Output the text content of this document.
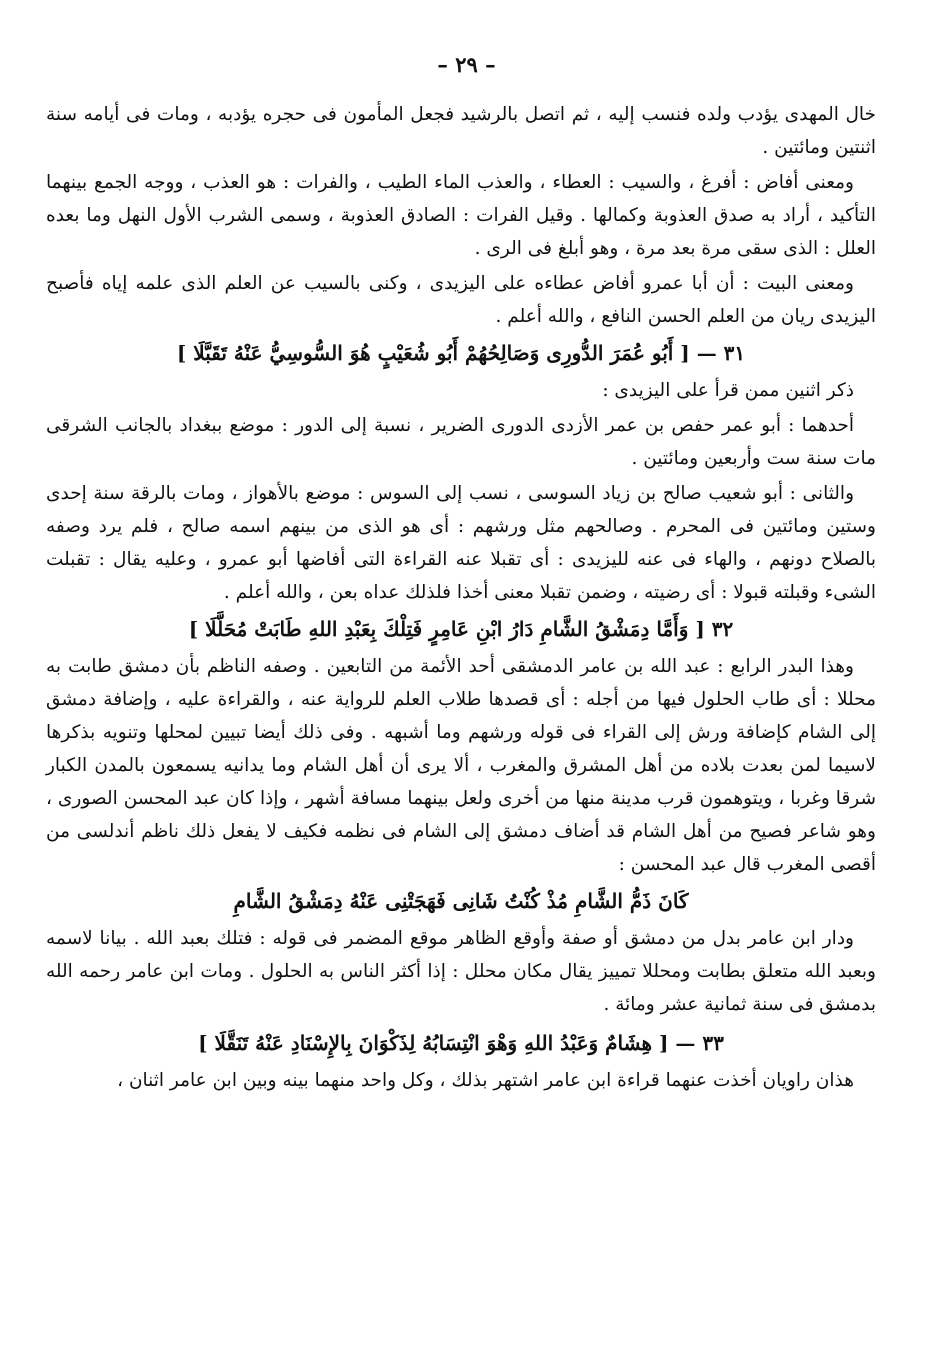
– ٢٩ –

خال المهدى يؤدب ولده فنسب إليه ، ثم اتصل بالرشيد فجعل المأمون فى حجره يؤدبه ، ومات فى أيامه سنة اثنتين ومائتين .

ومعنى أفاض : أفرغ ، والسيب : العطاء ، والعذب الماء الطيب ، والفرات : هو العذب ، ووجه الجمع بينهما التأكيد ، أراد به صدق العذوبة وكمالها . وقيل الفرات : الصادق العذوبة ، وسمى الشرب الأول النهل وما بعده العلل : الذى سقى مرة بعد مرة ، وهو أبلغ فى الرى .

ومعنى البيت : أن أبا عمرو أفاض عطاءه على اليزيدى ، وكنى بالسيب عن العلم الذى علمه إياه فأصبح اليزيدى ريان من العلم الحسن النافع ، والله أعلم .

٣١ — [ أَبُو عُمَرَ الدُّورِى وَصَالِحُهُمْ أَبُو شُعَيْبٍ هُوَ السُّوسِيُّ عَنْهُ تَقَبَّلَا ]

ذكر اثنين ممن قرأ على اليزيدى :

أحدهما : أبو عمر حفص بن عمر الأزدى الدورى الضرير ، نسبة إلى الدور : موضع ببغداد بالجانب الشرقى مات سنة ست وأربعين ومائتين .

والثانى : أبو شعيب صالح بن زياد السوسى ، نسب إلى السوس : موضع بالأهواز ، ومات بالرقة سنة إحدى وستين ومائتين فى المحرم . وصالحهم مثل ورشهم : أى هو الذى من بينهم اسمه صالح ، فلم يرد وصفه بالصلاح دونهم ، والهاء فى عنه لليزيدى : أى تقبلا عنه القراءة التى أفاضها أبو عمرو ، وعليه يقال : تقبلت الشىء وقبلته قبولا : أى رضيته ، وضمن تقبلا معنى أخذا فلذلك عداه بعن ، والله أعلم .

٣٢ [ وَأَمَّا دِمَشْقُ الشَّامِ دَارُ ابْنِ عَامِرٍ فَتِلْكَ بِعَبْدِ اللهِ طَابَتْ مُحَلَّلَا ]

وهذا البدر الرابع : عبد الله بن عامر الدمشقى أحد الأئمة من التابعين . وصفه الناظم بأن دمشق طابت به محللا : أى طاب الحلول فيها من أجله : أى قصدها طلاب العلم للرواية عنه ، والقراءة عليه ، وإضافة دمشق إلى الشام كإضافة ورش إلى القراء فى قوله ورشهم وما أشبهه . وفى ذلك أيضا تبيين لمحلها وتنويه بذكرها لاسيما لمن بعدت بلاده من أهل المشرق والمغرب ، ألا يرى أن أهل الشام وما يدانيه يسمعون بالمدن الكبار شرقا وغربا ، ويتوهمون قرب مدينة منها من أخرى ولعل بينهما مسافة أشهر ، وإذا كان عبد المحسن الصورى ، وهو شاعر فصيح من أهل الشام قد أضاف دمشق إلى الشام فى نظمه فكيف لا يفعل ذلك ناظم أندلسى من أقصى المغرب قال عبد المحسن :

كَانَ ذَمُّ الشَّامِ مُذْ كُنْتُ شَانِى فَهَجَتْنِى عَنْهُ دِمَشْقُ الشَّامِ

ودار ابن عامر بدل من دمشق أو صفة وأوقع الظاهر موقع المضمر فى قوله : فتلك بعبد الله . بيانا لاسمه وبعبد الله متعلق بطابت ومحللا تمييز يقال مكان محلل : إذا أكثر الناس به الحلول . ومات ابن عامر رحمه الله بدمشق فى سنة ثمانية عشر ومائة .

٣٣ — [ هِشَامٌ وَعَبْدُ اللهِ وَهْوَ انْتِسَابُهُ لِذَكْوَانَ بِالإِسْنَادِ عَنْهُ تَنَقَّلَا ]

هذان راويان أخذت عنهما قراءة ابن عامر اشتهر بذلك ، وكل واحد منهما بينه وبين ابن عامر اثنان ،
